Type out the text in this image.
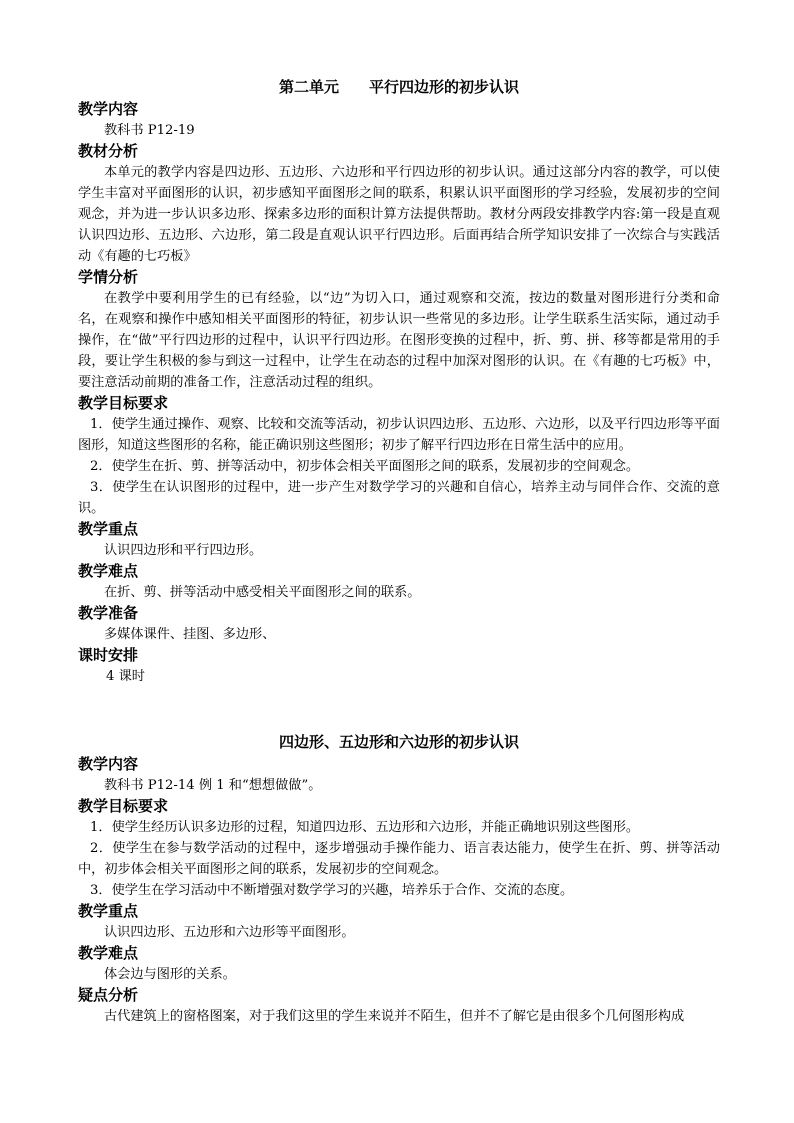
第二单元 平行四边形的初步认识
教学内容
教科书 P12-19
教材分析
本单元的教学内容是四边形、五边形、六边形和平行四边形的初步认识。通过这部分内容的教学，可以使学生丰富对平面图形的认识，初步感知平面图形之间的联系，积累认识平面图形的学习经验，发展初步的空间观念，并为进一步认识多边形、探索多边形的面积计算方法提供帮助。教材分两段安排教学内容:第一段是直观认识四边形、五边形、六边形，第二段是直观认识平行四边形。后面再结合所学知识安排了一次综合与实践活动《有趣的七巧板》
学情分析
在教学中要利用学生的已有经验，以“边”为切入口，通过观察和交流，按边的数量对图形进行分类和命名，在观察和操作中感知相关平面图形的特征，初步认识一些常见的多边形。让学生联系生活实际，通过动手操作，在“做”平行四边形的过程中，认识平行四边形。在图形变换的过程中，折、剪、拼、移等都是常用的手段，要让学生积极的参与到这一过程中，让学生在动态的过程中加深对图形的认识。在《有趣的七巧板》中，要注意活动前期的准备工作，注意活动过程的组织。
教学目标要求
1．使学生通过操作、观察、比较和交流等活动，初步认识四边形、五边形、六边形，以及平行四边形等平面图形，知道这些图形的名称，能正确识别这些图形；初步了解平行四边形在日常生活中的应用。
2．使学生在折、剪、拼等活动中，初步体会相关平面图形之间的联系，发展初步的空间观念。
3．使学生在认识图形的过程中，进一步产生对数学学习的兴趣和自信心，培养主动与同伴合作、交流的意识。
教学重点
认识四边形和平行四边形。
教学难点
在折、剪、拼等活动中感受相关平面图形之间的联系。
教学准备
多媒体课件、挂图、多边形、
课时安排
4 课时
四边形、五边形和六边形的初步认识
教学内容
教科书 P12-14 例 1 和“想想做做”。
教学目标要求
1．使学生经历认识多边形的过程，知道四边形、五边形和六边形，并能正确地识别这些图形。
2．使学生在参与数学活动的过程中，逐步增强动手操作能力、语言表达能力，使学生在折、剪、拼等活动中，初步体会相关平面图形之间的联系，发展初步的空间观念。
3．使学生在学习活动中不断增强对数学学习的兴趣，培养乐于合作、交流的态度。
教学重点
认识四边形、五边形和六边形等平面图形。
教学难点
体会边与图形的关系。
疑点分析
古代建筑上的窗格图案，对于我们这里的学生来说并不陌生，但并不了解它是由很多个几何图形构成
